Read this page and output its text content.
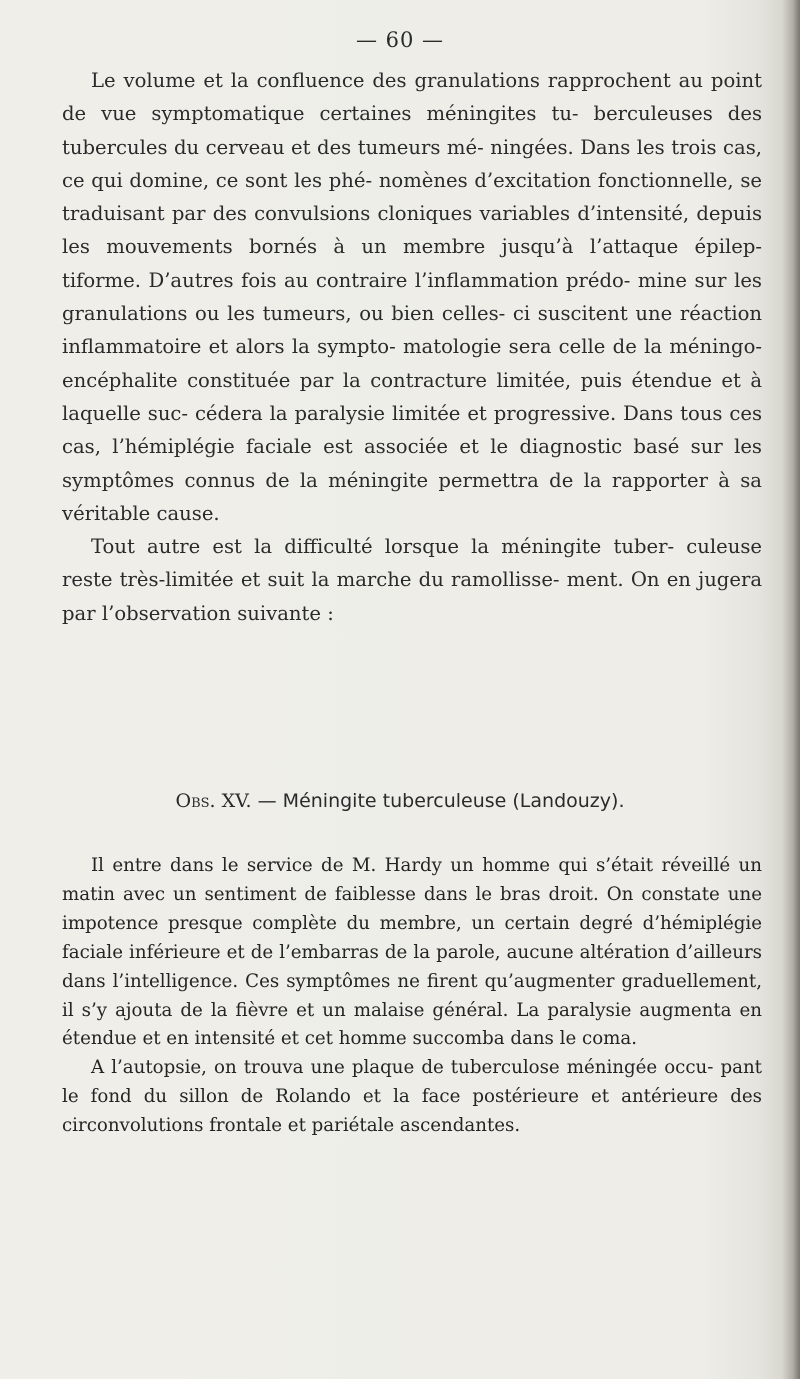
— 60 —

Le volume et la confluence des granulations rapprochent au point de vue symptomatique certaines méningites tu- berculeuses des tubercules du cerveau et des tumeurs mé- ningées. Dans les trois cas, ce qui domine, ce sont les phé- nomènes d’excitation fonctionnelle, se traduisant par des convulsions cloniques variables d’intensité, depuis les mouvements bornés à un membre jusqu’à l’attaque épilep- tiforme. D’autres fois au contraire l’inflammation prédo- mine sur les granulations ou les tumeurs, ou bien celles- ci suscitent une réaction inflammatoire et alors la sympto- matologie sera celle de la méningo-encéphalite constituée par la contracture limitée, puis étendue et à laquelle suc- cédera la paralysie limitée et progressive. Dans tous ces cas, l’hémiplégie faciale est associée et le diagnostic basé sur les symptômes connus de la méningite permettra de la rapporter à sa véritable cause.

Tout autre est la difficulté lorsque la méningite tuber- culeuse reste très-limitée et suit la marche du ramollisse- ment. On en jugera par l’observation suivante :

Obs. XV. — Méningite tuberculeuse (Landouzy).

Il entre dans le service de M. Hardy un homme qui s’était réveillé un matin avec un sentiment de faiblesse dans le bras droit. On constate une impotence presque complète du membre, un certain degré d’hémiplégie faciale inférieure et de l’embarras de la parole, aucune altération d’ailleurs dans l’intelligence. Ces symptômes ne firent qu’augmenter graduellement, il s’y ajouta de la fièvre et un malaise général. La paralysie augmenta en étendue et en intensité et cet homme succomba dans le coma.

A l’autopsie, on trouva une plaque de tuberculose méningée occu- pant le fond du sillon de Rolando et la face postérieure et antérieure des circonvolutions frontale et pariétale ascendantes.
